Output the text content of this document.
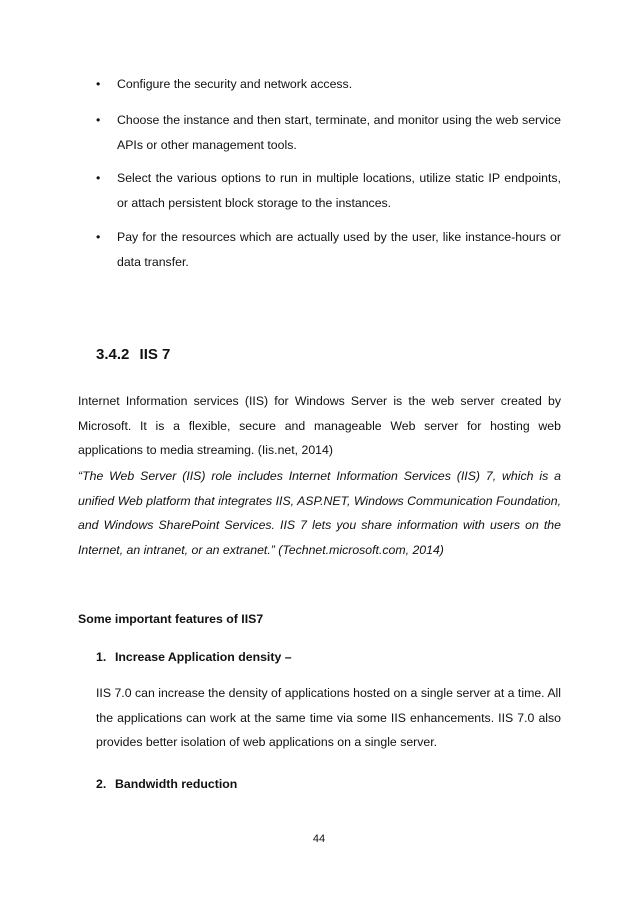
•	Configure the security and network access.
•	Choose the instance and then start, terminate, and monitor using the web service APIs or other management tools.
•	Select the various options to run in multiple locations, utilize static IP endpoints, or attach persistent block storage to the instances.
•	Pay for the resources which are actually used by the user, like instance-hours or data transfer.
3.4.2 IIS 7
Internet Information services (IIS) for Windows Server is the web server created by Microsoft. It is a flexible, secure and manageable Web server for hosting web applications to media streaming. (Iis.net, 2014)
“The Web Server (IIS) role includes Internet Information Services (IIS) 7, which is a unified Web platform that integrates IIS, ASP.NET, Windows Communication Foundation, and Windows SharePoint Services. IIS 7 lets you share information with users on the Internet, an intranet, or an extranet.” (Technet.microsoft.com, 2014)
Some important features of IIS7
1. Increase Application density –
IIS 7.0 can increase the density of applications hosted on a single server at a time. All the applications can work at the same time via some IIS enhancements. IIS 7.0 also provides better isolation of web applications on a single server.
2. Bandwidth reduction
44
